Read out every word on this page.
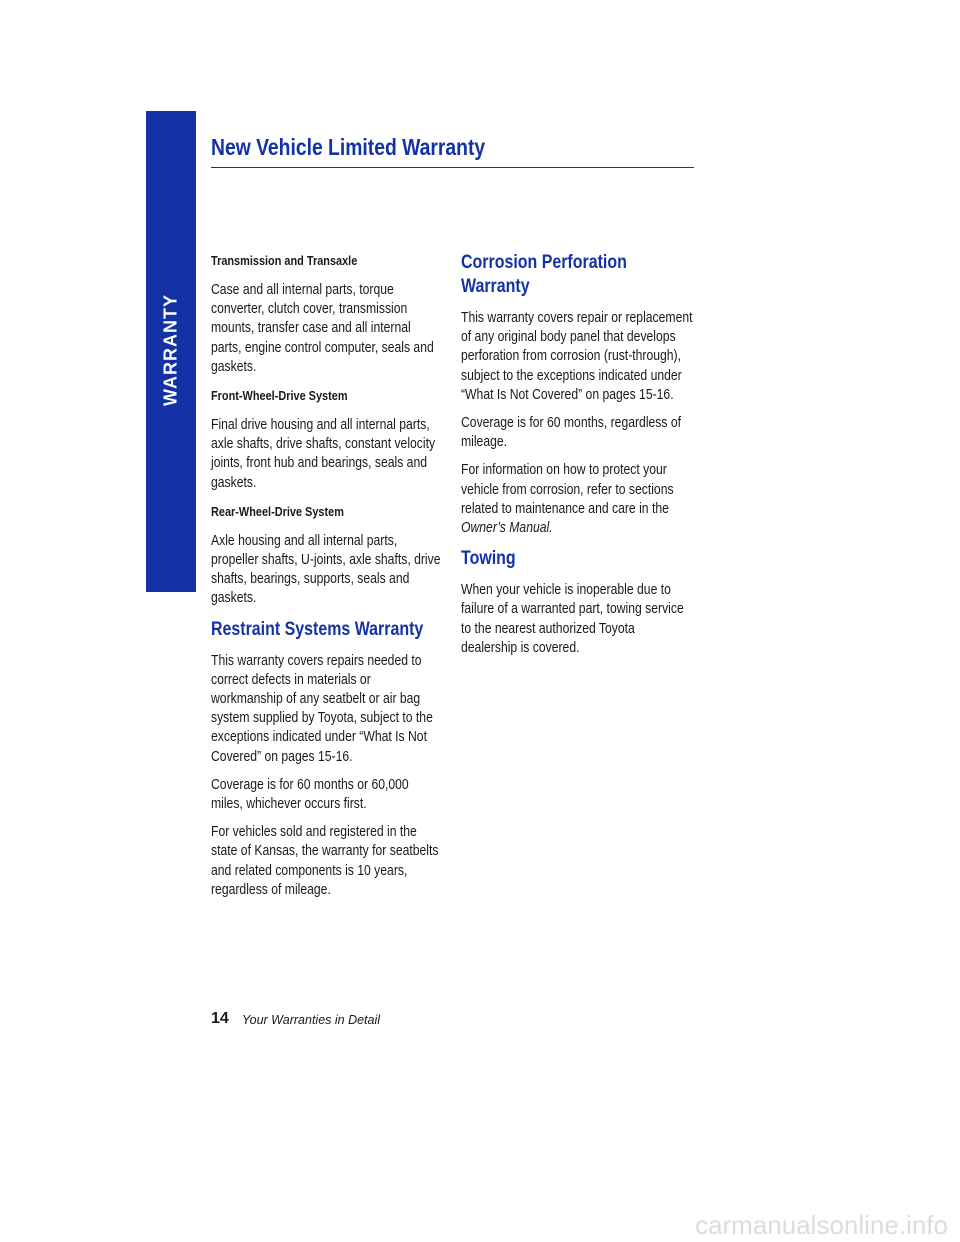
WARRANTY
New Vehicle Limited Warranty

Transmission and Transaxle

Case and all internal parts, torque converter, clutch cover, transmission mounts, transfer case and all internal parts, engine control computer, seals and gaskets.

Front-Wheel-Drive System

Final drive housing and all internal parts, axle shafts, drive shafts, constant velocity joints, front hub and bearings, seals and gaskets.

Rear-Wheel-Drive System

Axle housing and all internal parts, propeller shafts, U-joints, axle shafts, drive shafts, bearings, supports, seals and gaskets.

Restraint Systems Warranty

This warranty covers repairs needed to correct defects in materials or workmanship of any seatbelt or air bag system supplied by Toyota, subject to the exceptions indicated under “What Is Not Covered” on pages 15-16.

Coverage is for 60 months or 60,000 miles, whichever occurs first.

For vehicles sold and registered in the state of Kansas, the warranty for seatbelts and related components is 10 years, regardless of mileage.

Corrosion Perforation Warranty

This warranty covers repair or replacement of any original body panel that develops perforation from corrosion (rust-through), subject to the exceptions indicated under “What Is Not Covered” on pages 15-16.

Coverage is for 60 months, regardless of mileage.

For information on how to protect your vehicle from corrosion, refer to sections related to maintenance and care in the
Owner’s Manual.

Towing

When your vehicle is inoperable due to failure of a warranted part, towing service to the nearest authorized Toyota dealership is covered.

14 Your Warranties in Detail
carmanualsonline.info
